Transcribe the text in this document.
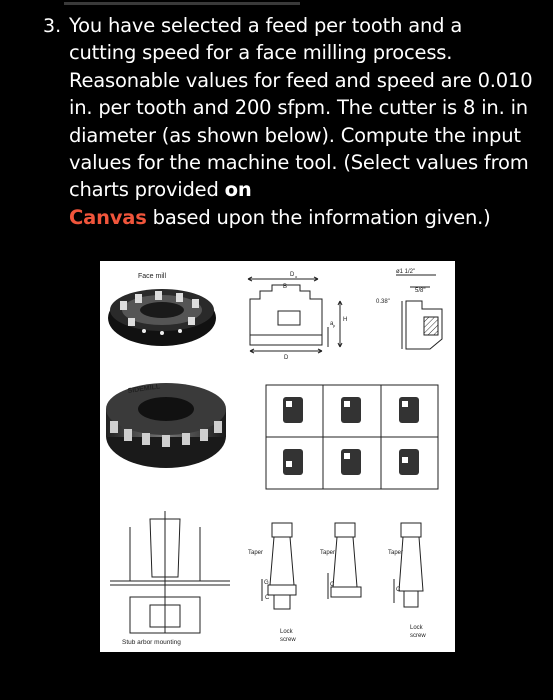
3. You have selected a feed per tooth and a cutting speed for a face milling process. Reasonable values for feed and speed are 0.010 in. per tooth and 200 sfpm. The cutter is 8 in. in diameter (as shown below). Compute the input values for the machine tool. (Select values from charts provided on
Canvas based upon the information given.)
Face mill	D o
B
D
H
a p
ø1 1/2"
5/8"
0.38"
SIDEMILL
Stub arbor mounting
Taper	Taper	Taper
G
C
C
C
Lock
screw
Lock
screw
